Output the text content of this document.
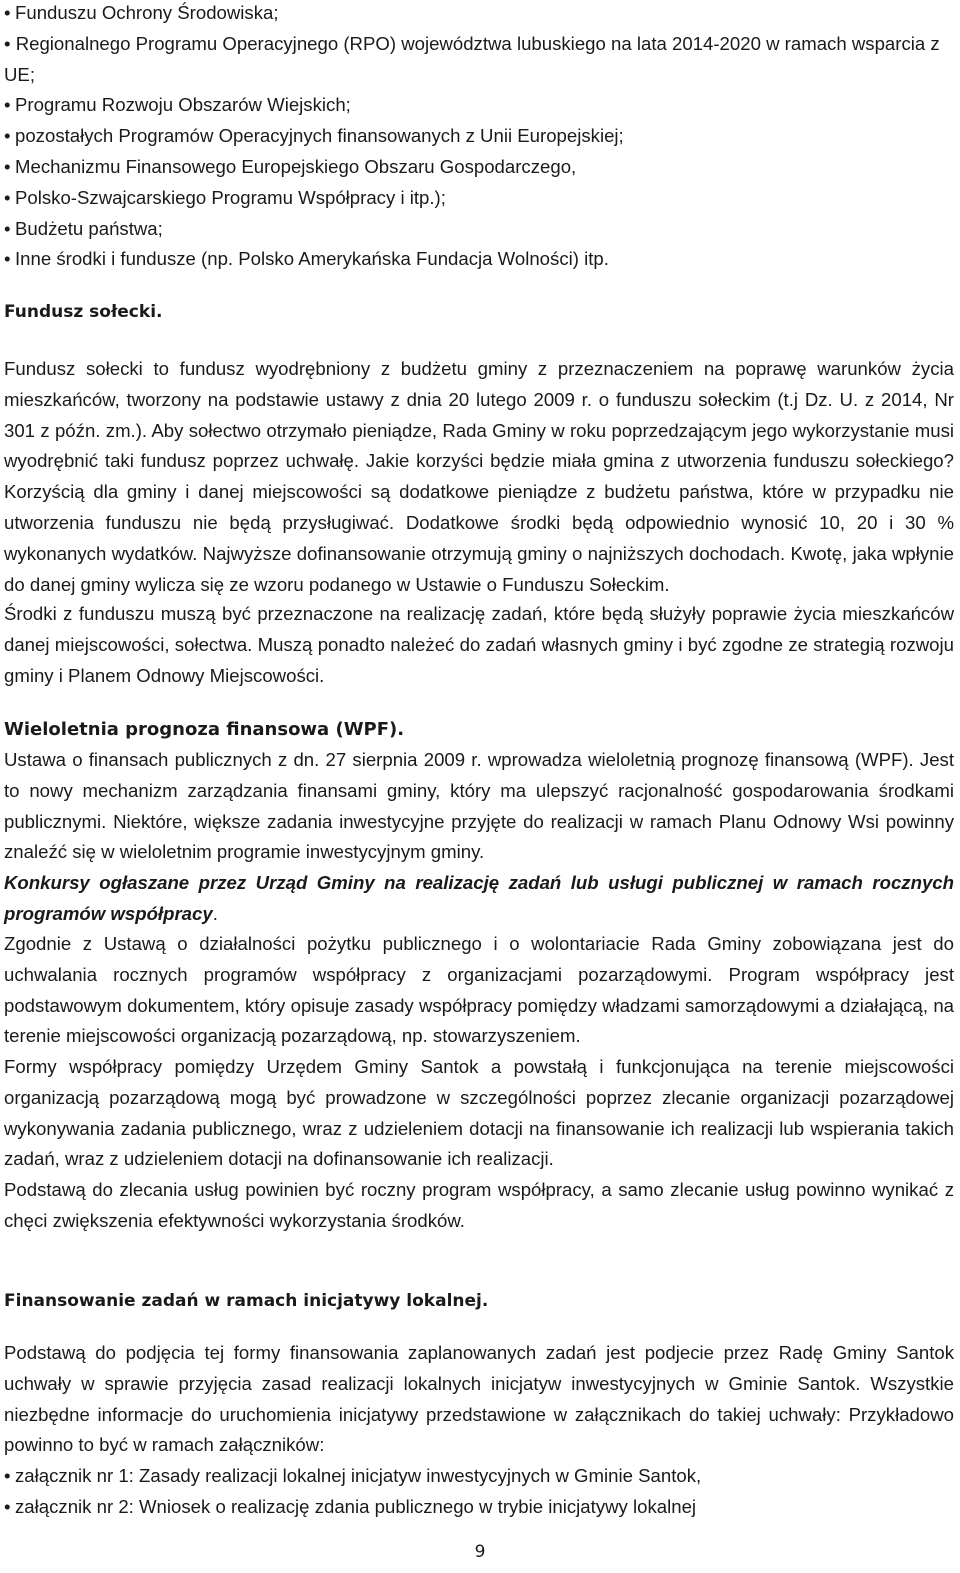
• Funduszu Ochrony Środowiska;
• Regionalnego Programu Operacyjnego (RPO) województwa lubuskiego na lata 2014-2020 w ramach wsparcia z UE;
• Programu Rozwoju Obszarów Wiejskich;
• pozostałych Programów Operacyjnych finansowanych z Unii Europejskiej;
• Mechanizmu Finansowego Europejskiego Obszaru Gospodarczego,
• Polsko-Szwajcarskiego Programu Współpracy i itp.);
• Budżetu państwa;
• Inne środki i fundusze (np. Polsko Amerykańska Fundacja Wolności) itp.
Fundusz sołecki.
Fundusz sołecki to fundusz wyodrębniony z budżetu gminy z przeznaczeniem na poprawę warunków życia mieszkańców, tworzony na podstawie ustawy z dnia 20 lutego 2009 r. o funduszu sołeckim (t.j Dz. U. z 2014, Nr 301 z późn. zm.). Aby sołectwo otrzymało pieniądze, Rada Gminy w roku poprzedzającym jego wykorzystanie musi wyodrębnić taki fundusz poprzez uchwałę. Jakie korzyści będzie miała gmina z utworzenia funduszu sołeckiego? Korzyścią dla gminy i danej miejscowości są dodatkowe pieniądze z budżetu państwa, które w przypadku nie utworzenia funduszu nie będą przysługiwać. Dodatkowe środki będą odpowiednio wynosić 10, 20 i 30 % wykonanych wydatków. Najwyższe dofinansowanie otrzymują gminy o najniższych dochodach. Kwotę, jaka wpłynie do danej gminy wylicza się ze wzoru podanego w Ustawie o Funduszu Sołeckim.
Środki z funduszu muszą być przeznaczone na realizację zadań, które będą służyły poprawie życia mieszkańców danej miejscowości, sołectwa. Muszą ponadto należeć do zadań własnych gminy i być zgodne ze strategią rozwoju gminy i Planem Odnowy Miejscowości.
Wieloletnia prognoza finansowa (WPF).
Ustawa o finansach publicznych z dn. 27 sierpnia 2009 r. wprowadza wieloletnią prognozę finansową (WPF). Jest to nowy mechanizm zarządzania finansami gminy, który ma ulepszyć racjonalność gospodarowania środkami publicznymi. Niektóre, większe zadania inwestycyjne przyjęte do realizacji w ramach Planu Odnowy Wsi powinny znaleźć się w wieloletnim programie inwestycyjnym gminy.
Konkursy ogłaszane przez Urząd Gminy na realizację zadań lub usługi publicznej w ramach rocznych programów współpracy.
Zgodnie z Ustawą o działalności pożytku publicznego i o wolontariacie Rada Gminy zobowiązana jest do uchwalania rocznych programów współpracy z organizacjami pozarządowymi. Program współpracy jest podstawowym dokumentem, który opisuje zasady współpracy pomiędzy władzami samorządowymi a działającą, na terenie miejscowości organizacją pozarządową, np. stowarzyszeniem.
Formy współpracy pomiędzy Urzędem Gminy Santok a powstałą i funkcjonująca na terenie miejscowości organizacją pozarządową mogą być prowadzone w szczególności poprzez zlecanie organizacji pozarządowej wykonywania zadania publicznego, wraz z udzieleniem dotacji na finansowanie ich realizacji lub wspierania takich zadań, wraz z udzieleniem dotacji na dofinansowanie ich realizacji.
Podstawą do zlecania usług powinien być roczny program współpracy, a samo zlecanie usług powinno wynikać z chęci zwiększenia efektywności wykorzystania środków.
Finansowanie zadań w ramach inicjatywy lokalnej.
Podstawą do podjęcia tej formy finansowania zaplanowanych zadań jest podjecie przez Radę Gminy Santok uchwały w sprawie przyjęcia zasad realizacji lokalnych inicjatyw inwestycyjnych w Gminie Santok. Wszystkie niezbędne informacje do uruchomienia inicjatywy przedstawione w załącznikach do takiej uchwały: Przykładowo powinno to być w ramach załączników:
• załącznik nr 1: Zasady realizacji lokalnej inicjatyw inwestycyjnych w Gminie Santok,
• załącznik nr 2: Wniosek o realizację zdania publicznego w trybie inicjatywy lokalnej
9
